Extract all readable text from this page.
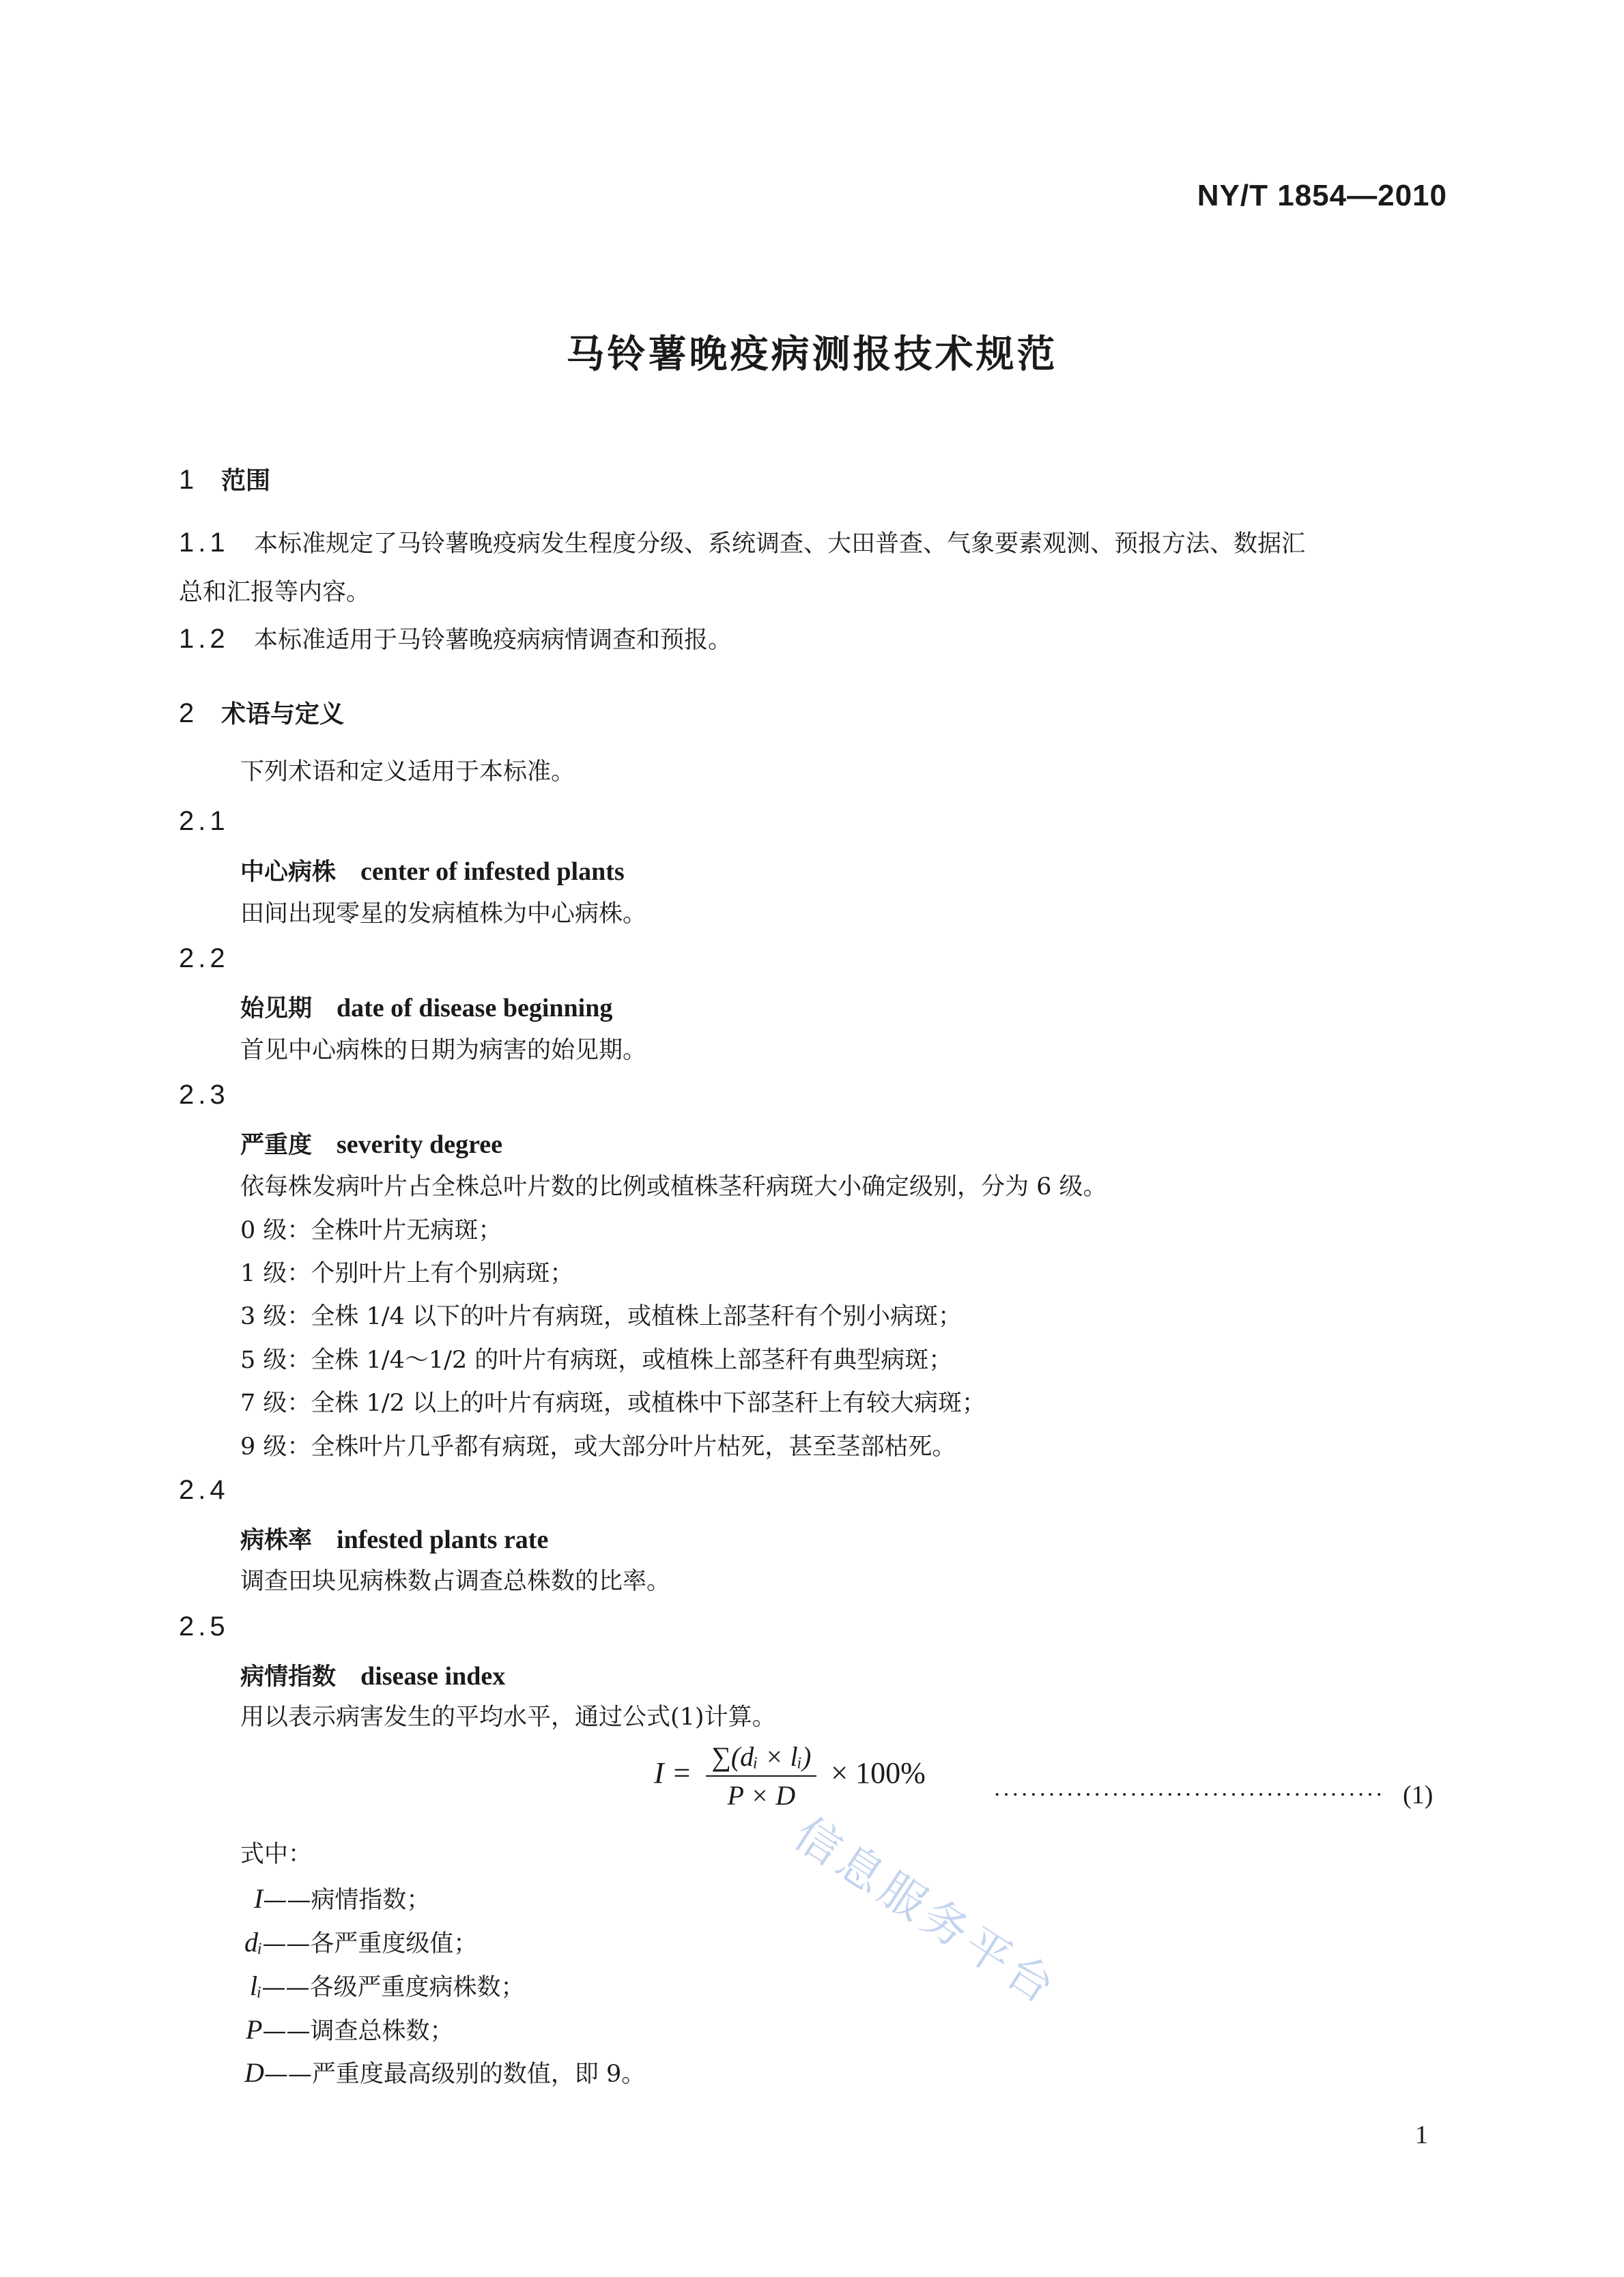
NY/T 1854—2010
马铃薯晚疫病测报技术规范
1 范围
1.1 本标准规定了马铃薯晚疫病发生程度分级、系统调查、大田普查、气象要素观测、预报方法、数据汇
总和汇报等内容。
1.2 本标准适用于马铃薯晚疫病病情调查和预报。
2 术语与定义
下列术语和定义适用于本标准。
2.1
中心病株 center of infested plants
田间出现零星的发病植株为中心病株。
2.2
始见期 date of disease beginning
首见中心病株的日期为病害的始见期。
2.3
严重度 severity degree
依每株发病叶片占全株总叶片数的比例或植株茎秆病斑大小确定级别，分为 6 级。
0 级：全株叶片无病斑；
1 级：个别叶片上有个别病斑；
3 级：全株 1/4 以下的叶片有病斑，或植株上部茎秆有个别小病斑；
5 级：全株 1/4～1/2 的叶片有病斑，或植株上部茎秆有典型病斑；
7 级：全株 1/2 以上的叶片有病斑，或植株中下部茎秆上有较大病斑；
9 级：全株叶片几乎都有病斑，或大部分叶片枯死，甚至茎部枯死。
2.4
病株率 infested plants rate
调查田块见病株数占调查总株数的比率。
2.5
病情指数 disease index
用以表示病害发生的平均水平，通过公式(1)计算。
$I = \frac{\text{∑(dᵢ × lᵢ)}}{P \times D} \times 100\%$
··········································· (1)
式中：
I——病情指数；
dᵢ——各严重度级值；
lᵢ——各级严重度病株数；
P——调查总株数；
D——严重度最高级别的数值，即 9。
信息服务平台
1
